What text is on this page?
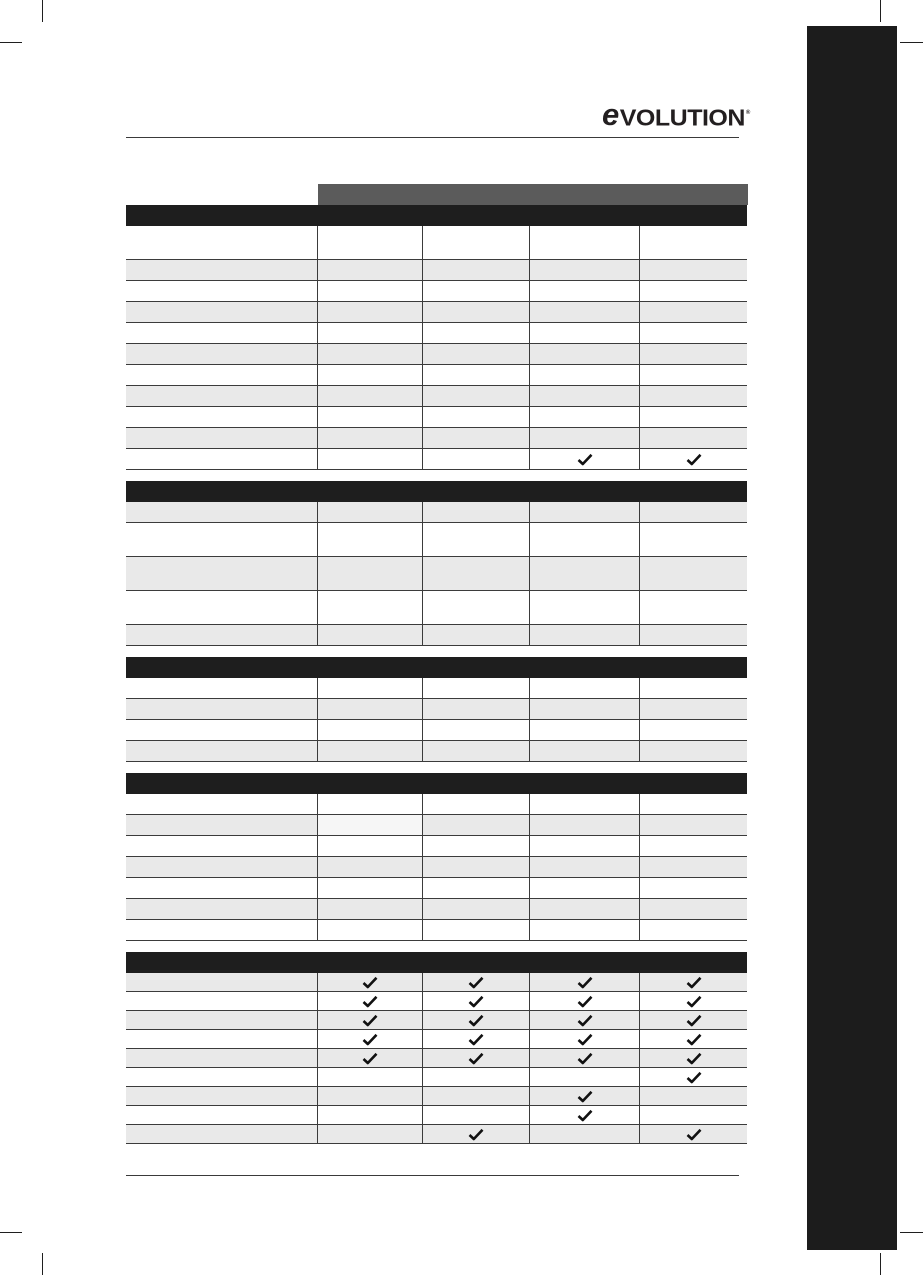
e VOLUTION ®
